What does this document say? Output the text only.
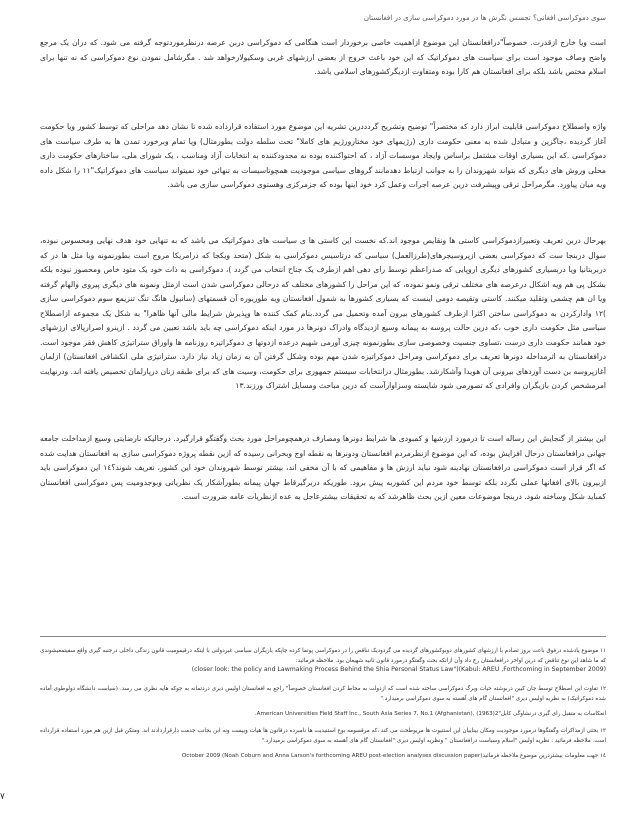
سوی دموکراسی افغانی؟ تجسس نگرش ها در مورد دموکراسی سازی در افغانستان

است ویا خارج ازقدرت. خصوصاً"درافغانستان این موضوع ازاهمیت خاصی برخوردار است هنگامی که دموکراسی دربن عرصه درنظرموردتوجه گرفته می شود. که دران یک مرجع واضح وصاف موجود است برای سیاست های دموکراتیک که این خود باعث خروج از بعضی ارزشهای غربی وسکیولارخواهد شد . مگرشامل نمودن نوع دموکراسی که نه تنها برای اسلام مختص باشد بلکه برای افغانستان هم کارا بوده ومتفاوت ازدیگرکشورهای اسلامی باشد.

واژه واصطلاح دموکراسی قابلیت ابراز دارد که مختصراً" توضیح وتشریح گردددرین تشریه این موضوع مورد استفاده قرارداده شده تا نشان دهد مراحلی که توسط کشور ویا حکومت آغاز گردیده ،جاگزین و متبادل شده به معنی حکومت داری (رژیمهای خود مختارورژیم های کاملا" تحت سلطه دولت بطورمثال) ویا تمام وبرخورد تمدن ها به طرف سیاست های دموکراسی .که این بسیاری اوقات مشتمل براساس وایجاد موسسات آزاد ، که احتواکننده بوده نه محدودکننده به انتخابات آزاد ومناسب ، یک شورای ملی، ساختارهای حکومت داری محلی وروش های دیگری که بتواند شهروندان را به جوانب ارتباط دهدمانند گروهای سیاسی موجودیت همچوتاسیسات به تنهائی خود نمیتواند سیاست های دموکراتیک"١١ را شکل داده ویه میان پیاورد. مگرمراحل ترقی وپیشرفت درین عرصه اجرات وعمل کرد خود اینها بوده که جزمرکزی وهستوی دموکراسی سازی می باشد.

بهرحال دربن تعریف وتعبیرازدموکراسی کاستی ها ونقایص موجود اند.که نخست این کاستی ها ی سیاست های دموکراتیک می باشد که به تنهایی خود هدف نهایی ومحسوس نبوده، سوال دربنجا ست که دموکراسی بعضی ازپروسیجرهای(طرزالعمل) سیاسی که درتاسیس دموکراسی به شکل (متحد ویکجا که درامریکا مروج است بطورنمونه ویا مثل ها در که دربربتانیا ویا دربسیاری کشورهای دیگری اروپایی که صدراعظم توسط رای دهی اهم ازطرف یک جناح انتخاب می گردد )، دموکراسی به ذات خود یک متود خاص ومحصور نبوده بلکه بشکل پی هم ویه اشکال درعرصه های مختلف ترقی ونمو نموده، که این مراحل را کشورهای مختلف که درحالی دموکراسی شدن است ازمثل ونمونه های دیگری پیروی والهام گرفته ویا ان هم چشمی وتقلید میکنند. کاستی وتقیصه دومی اینست که بسیاری کشورها به شمول افغانستان ویه طوریوره آن قسمتهای (سانیول هانگ تنگ تنزیمع سوم دموکراسی سازی )١٢ وادارکردن به دموکراسی ساختن اکثرا ازطرف کشورهای بیرون آمده وتحمیل می گردد.بنام کمک کننده ها وپذیرش شرایط مالی آنها ظاهرا" به شکل یک مجموعه ازاصطلاح سیاسی مثل حکومت داری خوب ،که درین حالت پروسه به پیمانه وسیع ازدیدگاه وادراک دونرها در مورد اینکه دموکراسی چه باید باشد تعیین می گردد . ازینرو اصرارپالای ارزشهای خود همانند حکومت داری درست ،تساوی جنسیت وخصوصی سازی بطورنمونه چیزی آورمی شهیم درعده ازدوتها ی دموکراتیزه روزنامه ها واوراق ستراتیژی کاهش فقر موجود است. درافغانستان به اثرمداخله دونرها تعریف برای دموکراسی ومراحل دموکراتیزه شدن مهم بوده وشکل گرفتن آن به زمان زیاد نیاز دارد. ستراتیژی ملی انکشافی افغانستان) ازلمان آغازپروسه بن دست آوردهای بیرونی آن هویدا وآشکارشد. بطورمثال درانتخابات سیستم جمهوری برای حکومت، وسیت های که برای طبقه زنان درپارلمان تخصیص یافته اند. ودرنهایت امرمشخص کردن بازیگران وافرادی که تصورمی شود شایسته وسزاوارآست که درین مباحث ومسایل اشتراک ورزند.١٣

این بیشتر از گنجایش این رساله است تا درمورد ارزشها و کمبودی ها شرایط دونرها ومصارف درهمچومراحل مورد بحث وگفتگو قرارگیرد. درحالیکه نارضایتی وسیع ازمداخلت جامعه جهانی درافغانستان درحال افزایش بوده، که این موضوع ازنظرمردم افغانستان ودونرها به نقطه اوج وبحرانی رسیده که ازین نقطه پروژه دموکراسی سازی به افغانستان هدایت شده که اگر قرار است دموکراسی درافغانستان نهادینه شود نباید ارزش ها و مفاهیمی که با آن مخفی اند، بیشتر توسط شهروندان خود این کشور، تعریف شوند؟١٤ این دموکراسی باید ازبیرون بالای افغانها عملی نگردد بلکه توسط خود مردم این کشوربه پیش برود. طوریکه دربرگیرقاط جهان پیمانه بطورآشکار یک نظریاتی وبوجدومیت پس دموکراسی افغانستان کمباید شکل وساخته شود. دربنجا موضوعات معین ازین بحث ظاهرشد که به تحقیقات بیشترعاجل به عده ازنظریات عامه ضرورت است.

١١ موضوع یادشده درفوق باعث بروز تصادم با ارزشهای کشورهای دوبوکشورهای گردیده می گردودیک تناقض را در دموکراسی پوتما کرده چاپکه بازیگران سیاسی غیردولتی با اینکه درقیمومیت قانون زندگی داخلی درجنبه گیری واقع سفیتمعیشوندی که ما شاهد این نوع تناقض که درین اواخر درافغانستان رخ داد وآن ازانکه بحث وگفتگو درمورد قانون ثانیه شهیعان بود. ملاحظه فرمائید:

(closer look: the policy and Lawmaking Process Behind the Shia Personal Status Law")(Kabul: AREU ,Forthcoming in September 2009)

١٢ تفاوت این اصطلاح توسط جان کیین دربوشته حیات وبرگ دموکراسی ساخته شده است که ازدولت به محاط کردن افغانستان خصوصاً" راجع به افغانستان اولیس دیری دردتمانه به جوکه هایه نظری می رسد. (سیاست دانشگاه دولوطوی آماده شده دموکراتیک) به نظریه اولیس دیری "افغانستان گام های آهسته به سوی دموکراسی برمیدارد."

انعکاسات به متقبل رای گیری درنشاوگی کابل"2(1963) ,American Universities Field Staff Inc., South Asia Series 7, No.1 (Afghanistan).

١٣ بحثی ازمذاکرات وگفتگوها درمورد موجودیت ومکان بیناییان این استنیوت ها مریوطحث می کند ،که مرقسومه بوع استنیدیت ها نامبرده درقانون ها هیات وبیست ونه ابن بجانب جدمت دارقراردادند اند. ومتکن قبل ازین هم مورد استفاده قرارداده است. ملاحظه فرمائید : نظریه اولیس "اسلام وسیاست درافغانستان " ونظریه اولیس دیری "افغانستان گام های آهسته به سوی دموکراسی برمیدارد."

١٤ جهت معلومات بیشتردرین موضوع ملاحظه فرمائید(Noah Coburn and Anna Larson's forthcoming AREU post-election analyses discussion paper) October 2009

٧
